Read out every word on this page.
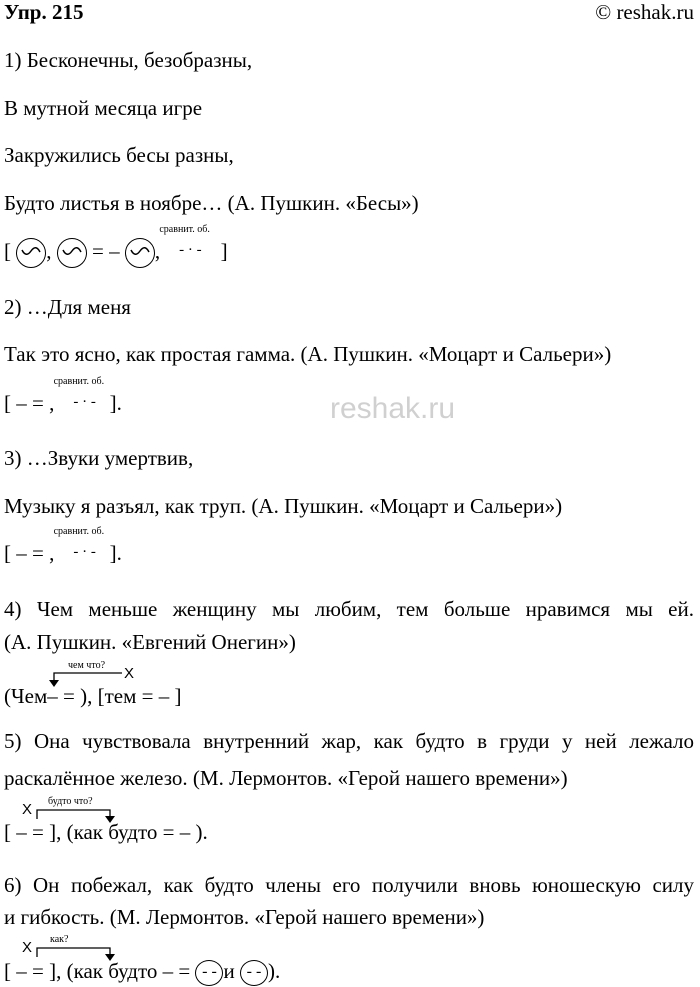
reshak.ru
Упр. 215	© reshak.ru
1) Бесконечны, безобразны,
В мутной месяца игре
Закружились бесы разны,
Будто листья в ноябре… (А. Пушкин. «Бесы»)
[ , = – ,
сравнит. об.
- · - ]
2) …Для меня
Так это ясно, как простая гамма. (А. Пушкин. «Моцарт и Сальери»)
[ – = ,
сравнит. об.
- · - ].
3) …Звуки умертвив,
Музыку я разъял, как труп. (А. Пушкин. «Моцарт и Сальери»)
[ – = ,
сравнит. об.
- · - ].
4) Чем меньше женщину мы любим, тем больше нравимся мы ей.
(А. Пушкин. «Евгений Онегин»)
чем что? X
(Чем– = ), [тем = – ]
5) Она чувствовала внутренний жар, как будто в груди у ней лежало
раскалённое железо. (М. Лермонтов. «Герой нашего времени»)
будто что?
X
[ – = ], (как будто = – ).
6) Он побежал, как будто члены его получили вновь юношескую силу
и гибкость. (М. Лермонтов. «Герой нашего времени»)
как?
X
[ – = ], (как будто – = - - и - - ).
